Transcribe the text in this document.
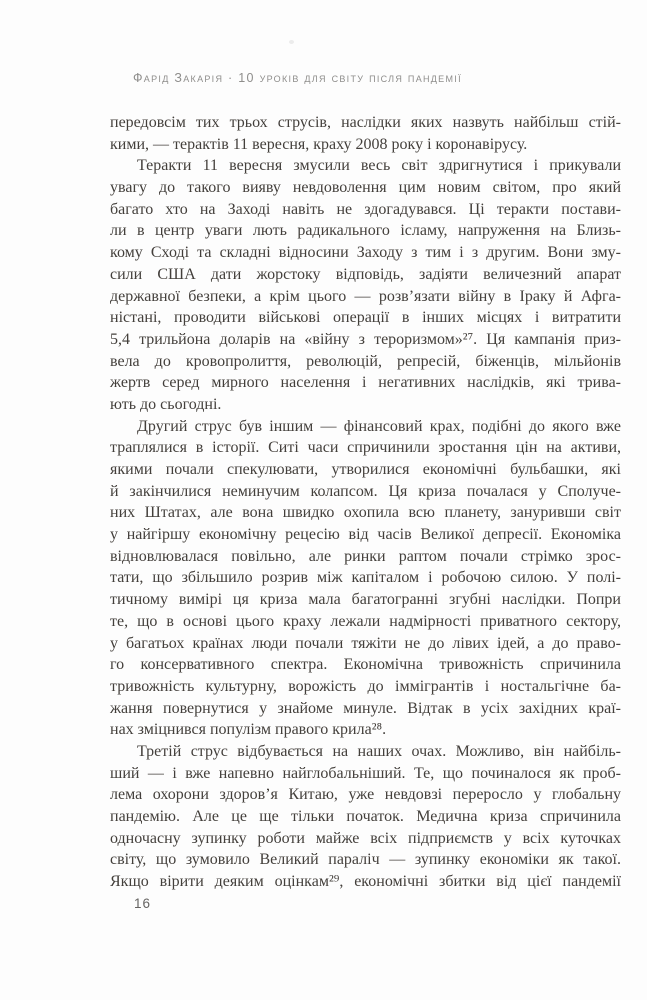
Фарід Закарія · 10 уроків для світу після пандемії
передовсім тих трьох струсів, наслідки яких назвуть найбільш стій-
кими, — терактів 11 вересня, краху 2008 року і коронавірусу.
Теракти 11 вересня змусили весь світ здригнутися і прикували
увагу до такого вияву невдоволення цим новим світом, про який
багато хто на Заході навіть не здогадувався. Ці теракти постави-
ли в центр уваги лють радикального ісламу, напруження на Близь-
кому Сході та складні відносини Заходу з тим і з другим. Вони зму-
сили США дати жорстоку відповідь, задіяти величезний апарат
державної безпеки, а крім цього — розв’язати війну в Іраку й Афга-
ністані, проводити військові операції в інших місцях і витратити
5,4 трильйона доларів на «війну з тероризмом»²⁷. Ця кампанія приз-
вела до кровопролиття, революцій, репресій, біженців, мільйонів
жертв серед мирного населення і негативних наслідків, які трива-
ють до сьогодні.
Другий струс був іншим — фінансовий крах, подібні до якого вже
траплялися в історії. Ситі часи спричинили зростання цін на активи,
якими почали спекулювати, утворилися економічні бульбашки, які
й закінчилися неминучим колапсом. Ця криза почалася у Сполуче-
них Штатах, але вона швидко охопила всю планету, зануривши світ
у найгіршу економічну рецесію від часів Великої депресії. Економіка
відновлювалася повільно, але ринки раптом почали стрімко зрос-
тати, що збільшило розрив між капіталом і робочою силою. У полі-
тичному вимірі ця криза мала багатогранні згубні наслідки. Попри
те, що в основі цього краху лежали надмірності приватного сектору,
у багатьох країнах люди почали тяжіти не до лівих ідей, а до право-
го консервативного спектра. Економічна тривожність спричинила
тривожність культурну, ворожість до іммігрантів і ностальгічне ба-
жання повернутися у знайоме минуле. Відтак в усіх західних краї-
нах зміцнився популізм правого крила²⁸.
Третій струс відбувається на наших очах. Можливо, він найбіль-
ший — і вже напевно найглобальніший. Те, що починалося як проб-
лема охорони здоров’я Китаю, уже невдовзі переросло у глобальну
пандемію. Але це ще тільки початок. Медична криза спричинила
одночасну зупинку роботи майже всіх підприємств у всіх куточках
світу, що зумовило Великий параліч — зупинку економіки як такої.
Якщо вірити деяким оцінкам²⁹, економічні збитки від цієї пандемії
16
